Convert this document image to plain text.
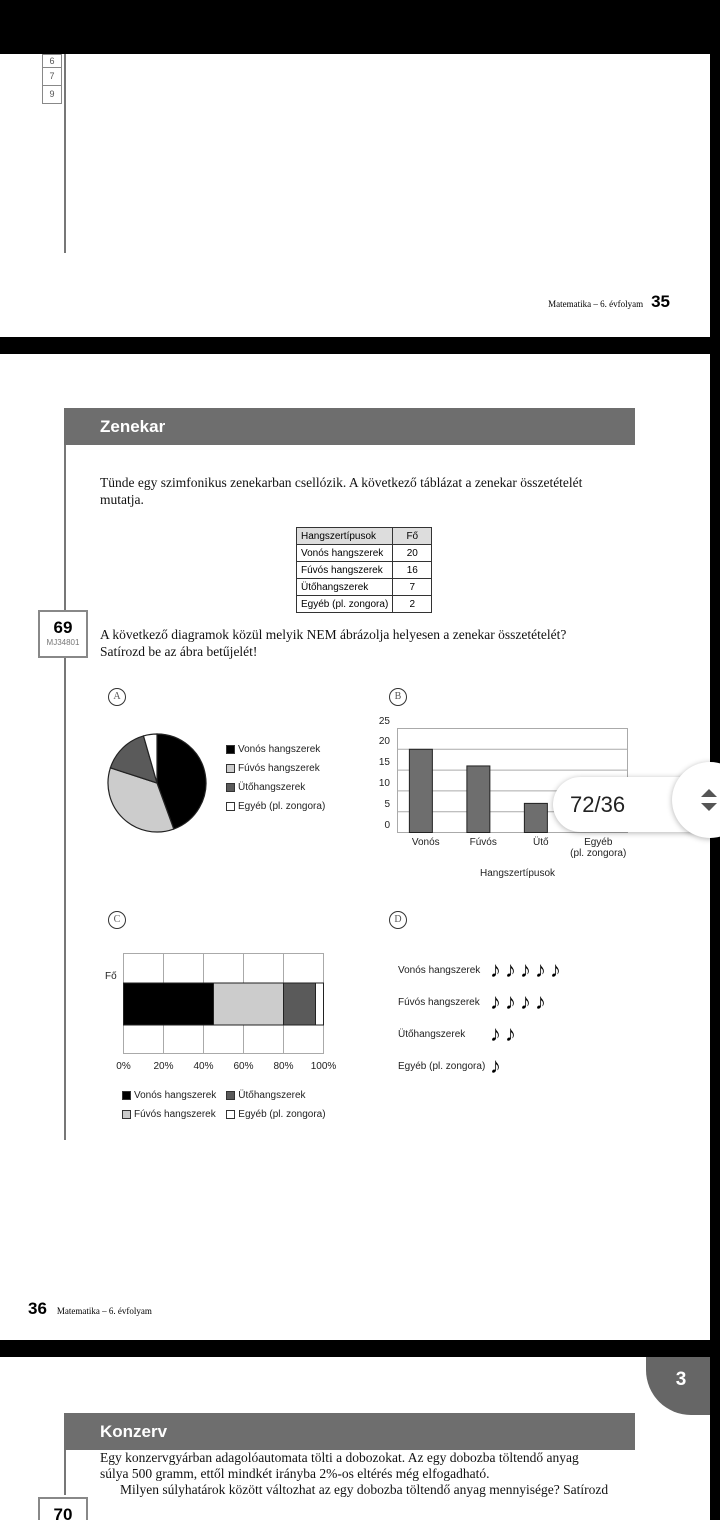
6
7
9
Matematika – 6. évfolyam 35
Zenekar

Tünde egy szimfonikus zenekarban csellózik. A következő táblázat a zenekar összetételét mutatja.

Hangszertípusok	Fő
Vonós hangszerek	20
Fúvós hangszerek	16
Ütőhangszerek	7
Egyéb (pl. zongora)	2
69
MJ34801

A következő diagramok közül melyik NEM ábrázolja helyesen a zenekar összetételét?

Satírozd be az ábra betűjelét!

A	B
C	D
Vonós hangszerek
Fúvós hangszerek
Ütőhangszerek
Egyéb (pl. zongora)
0
5
10
15
20
25
Vonós	Fúvós	Ütő	Egyéb
(pl. zongora)
Hangszertípusok
Fő
0%	20%	40%	60%	80%	100%
Vonós hangszerek Ütőhangszerek
Fúvós hangszerek Egyéb (pl. zongora)
Vonós hangszerek ♪ ♪ ♪ ♪ ♪
Fúvós hangszerek ♪ ♪ ♪ ♪
Ütőhangszerek	♪ ♪
Egyéb (pl. zongora) ♪
36 Matematika – 6. évfolyam
3
Konzerv
Egy konzervgyárban adagolóautomata tölti a dobozokat. Az egy dobozba töltendő anyag
súlya 500 gramm, ettől mindkét irányba 2%-os eltérés még elfogadható.
Milyen súlyhatárok között változhat az egy dobozba töltendő anyag mennyisége? Satírozd
70
72/36
